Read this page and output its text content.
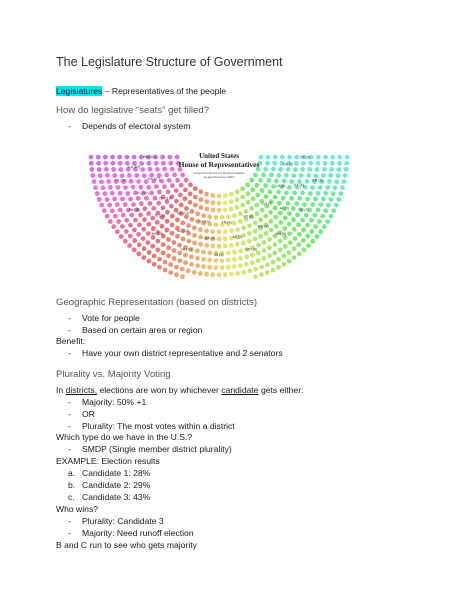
The Legislature Structure of Government
Legislatures – Representatives of the people
How do legislative “seats” get filled?
- Depends of electoral system
United States
House of Representatives
Colored by Amount of Representatives
as apportioned in 2010
WA (10)
CA (53)
TX (36)	NY (27)
FL (27)
PA (18)
OH (16)
IL (18)
MI (14)
GA (14)
NC (13)
VA (11)
NJ (12)
MA (9)
IN (9)
TN (9)
AZ (9)
MO (8)
WI (8)
MD (8)
MN (8)
CO (7)
AL (7) SC (7)
LA (6) KY (6)
OR (5)
OK (5)
CT (5)
Geographic Representation (based on districts)
- Vote for people
- Based on certain area or region
Benefit:
- Have your own district representative and 2 senators
Plurality vs. Majority Voting
In districts, elections are won by whichever candidate gets either:
- Majority: 50% +1
- OR
- Plurality: The most votes within a district
Which type do we have in the U.S.?
- SMDP (Single member district plurality)
EXAMPLE: Election results
a. Candidate 1: 28%
b. Candidate 2: 29%
c. Candidate 3: 43%
Who wins?
- Plurality: Candidate 3
- Majority: Need runoff election
B and C run to see who gets majority
